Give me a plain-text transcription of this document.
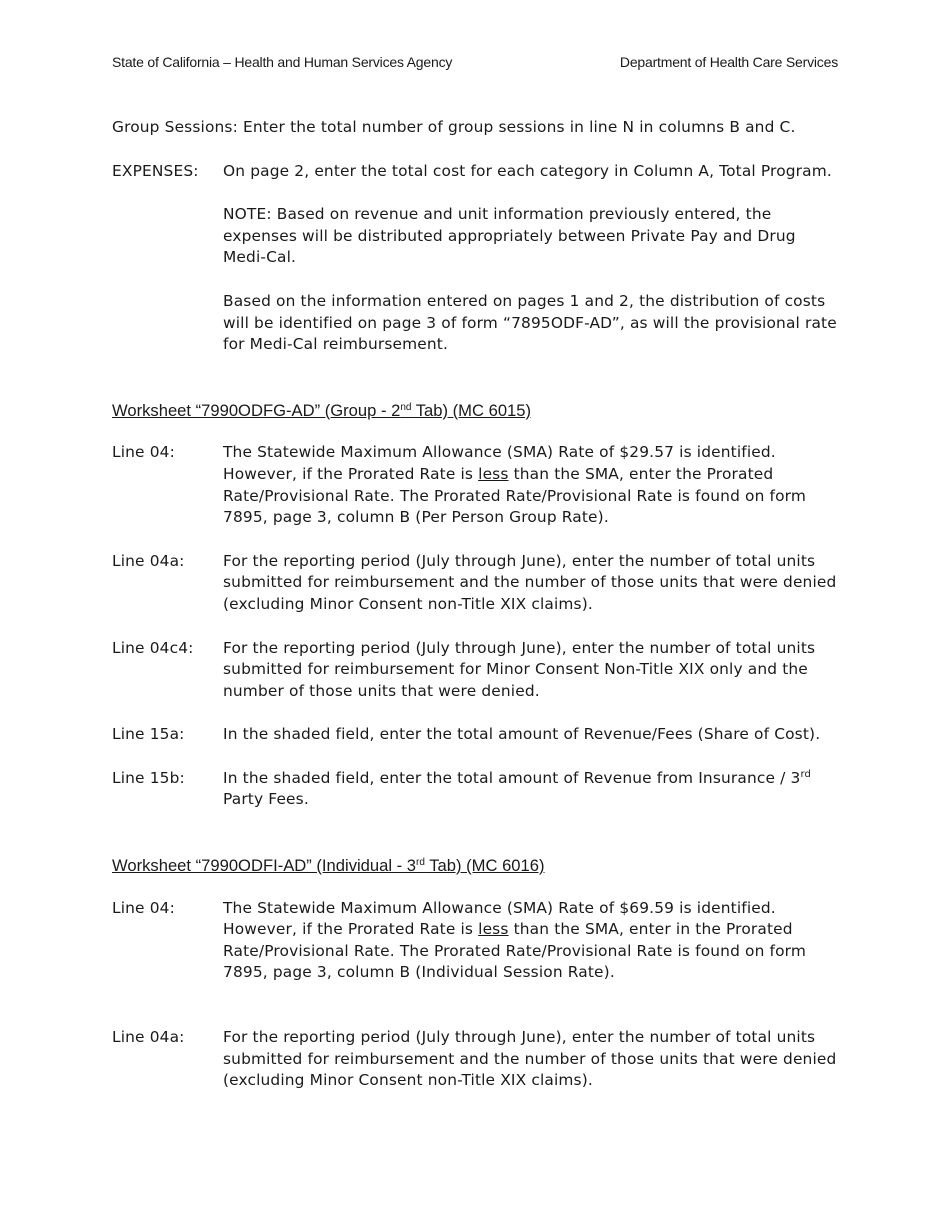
State of California – Health and Human Services Agency	Department of Health Care Services

Group Sessions: Enter the total number of group sessions in line N in columns B and C.

EXPENSES:	On page 2, enter the total cost for each category in Column A, Total Program.

NOTE: Based on revenue and unit information previously entered, the expenses will be distributed appropriately between Private Pay and Drug Medi-Cal.

Based on the information entered on pages 1 and 2, the distribution of costs will be identified on page 3 of form “7895ODF-AD”, as will the provisional rate for Medi-Cal reimbursement.

Worksheet “7990ODFG-AD” (Group - 2nd Tab) (MC 6015)
Line 04:	The Statewide Maximum Allowance (SMA) Rate of $29.57 is identified. However, if the Prorated Rate is less than the SMA, enter the Prorated Rate/Provisional Rate. The Prorated Rate/Provisional Rate is found on form 7895, page 3, column B (Per Person Group Rate).
Line 04a:	For the reporting period (July through June), enter the number of total units submitted for reimbursement and the number of those units that were denied (excluding Minor Consent non-Title XIX claims).
Line 04c4:	For the reporting period (July through June), enter the number of total units submitted for reimbursement for Minor Consent Non-Title XIX only and the number of those units that were denied.
Line 15a:	In the shaded field, enter the total amount of Revenue/Fees (Share of Cost).
Line 15b:	In the shaded field, enter the total amount of Revenue from Insurance / 3rd Party Fees.
Worksheet “7990ODFI-AD” (Individual - 3rd Tab) (MC 6016)
Line 04:	The Statewide Maximum Allowance (SMA) Rate of $69.59 is identified. However, if the Prorated Rate is less than the SMA, enter in the Prorated Rate/Provisional Rate. The Prorated Rate/Provisional Rate is found on form 7895, page 3, column B (Individual Session Rate).
Line 04a:	For the reporting period (July through June), enter the number of total units submitted for reimbursement and the number of those units that were denied (excluding Minor Consent non-Title XIX claims).
